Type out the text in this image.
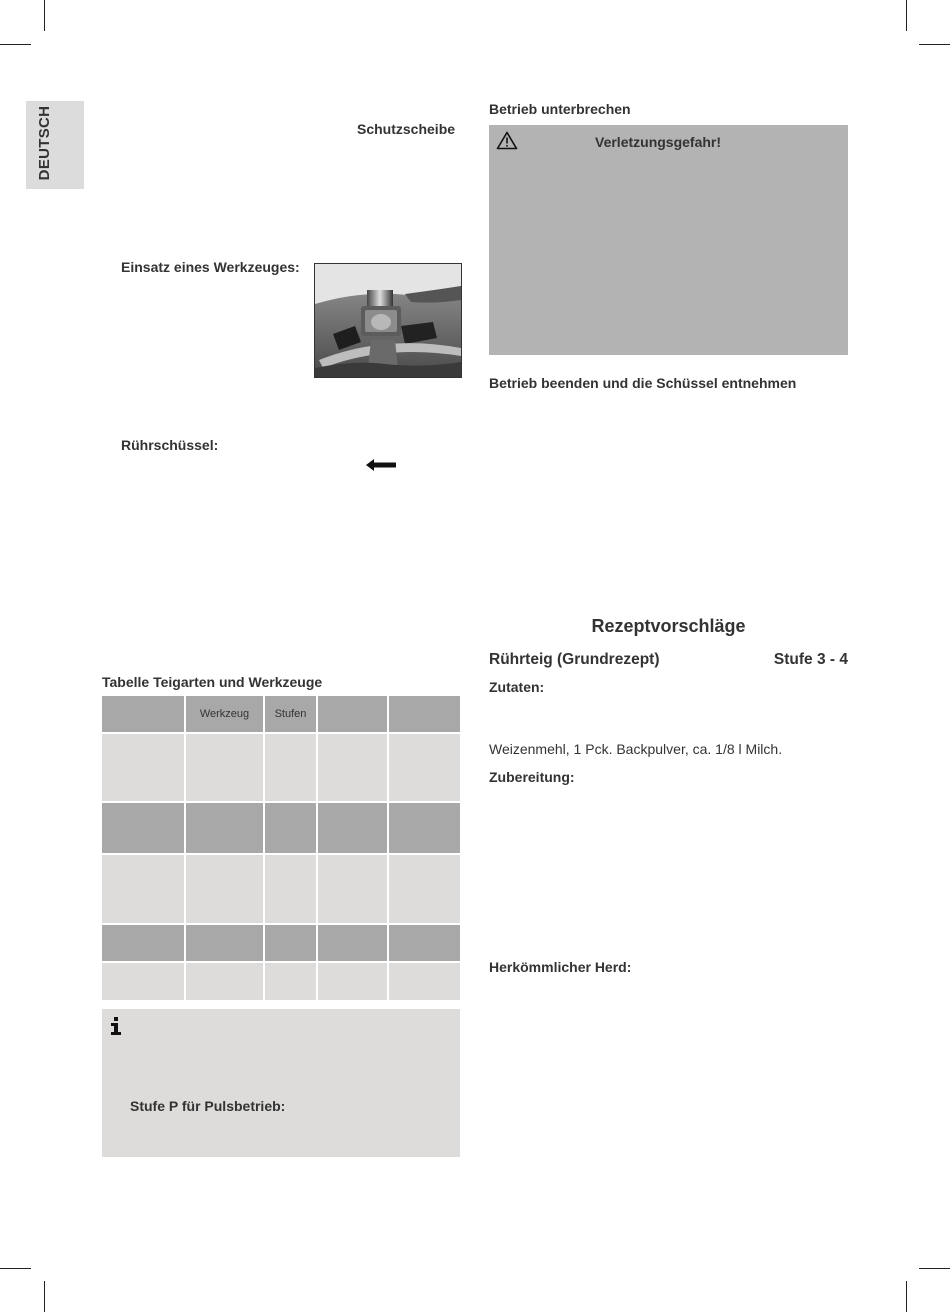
DEUTSCH	Schutzscheibe
Einsatz eines Werkzeuges:
Rührschüssel:
Tabelle Teigarten und Werkzeuge
Werkzeug	Stufen
Stufe P für Pulsbetrieb:
Betrieb unterbrechen
Verletzungsgefahr!
Betrieb beenden und die Schüssel entnehmen
Rezeptvorschläge
Rührteig (Grundrezept)	Stufe 3 - 4
Zutaten:
Weizenmehl, 1 Pck. Backpulver, ca. 1/8 l Milch.
Zubereitung:
Herkömmlicher Herd:
